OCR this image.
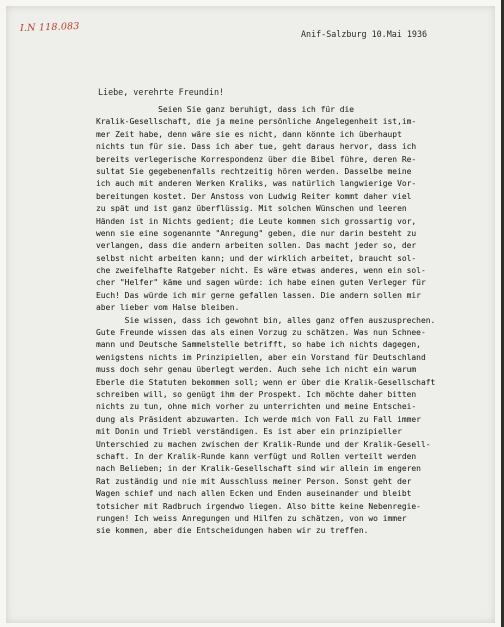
I.N 118.083	Anif-Salzburg 10.Mai 1936
Liebe, verehrte Freundin!
Seien Sie ganz beruhigt, dass ich für die
Kralik-Gesellschaft, die ja meine persönliche Angelegenheit ist,im-
mer Zeit habe, denn wäre sie es nicht, dann könnte ich überhaupt
nichts tun für sie. Dass ich aber tue, geht daraus hervor, dass ich
bereits verlegerische Korrespondenz über die Bibel führe, deren Re-
sultat Sie gegebenenfalls rechtzeitig hören werden. Dasselbe meine
ich auch mit anderen Werken Kraliks, was natürlich langwierige Vor-
bereitungen kostet. Der Anstoss von Ludwig Reiter kommt daher viel
zu spät und ist ganz überflüssig. Mit solchen Wünschen und leeren
Händen ist in Nichts gedient; die Leute kommen sich grossartig vor,
wenn sie eine sogenannte "Anregung" geben, die nur darin besteht zu
verlangen, dass die andern arbeiten sollen. Das macht jeder so, der
selbst nicht arbeiten kann; und der wirklich arbeitet, braucht sol-
che zweifelhafte Ratgeber nicht. Es wäre etwas anderes, wenn ein sol-
cher "Helfer" käme und sagen würde: ich habe einen guten Verleger für
Euch! Das würde ich mir gerne gefallen lassen. Die andern sollen mir
aber lieber vom Halse bleiben.
Sie wissen, dass ich gewohnt bin, alles ganz offen auszusprechen.
Gute Freunde wissen das als einen Vorzug zu schätzen. Was nun Schnee-
mann und Deutsche Sammelstelle betrifft, so habe ich nichts dagegen,
wenigstens nichts im Prinzipiellen, aber ein Vorstand für Deutschland
muss doch sehr genau überlegt werden. Auch sehe ich nicht ein warum
Eberle die Statuten bekommen soll; wenn er über die Kralik-Gesellschaft
schreiben will, so genügt ihm der Prospekt. Ich möchte daher bitten
nichts zu tun, ohne mich vorher zu unterrichten und meine Entschei-
dung als Präsident abzuwarten. Ich werde mich von Fall zu Fall immer
mit Donin und Triebl verständigen. Es ist aber ein prinzipieller
Unterschied zu machen zwischen der Kralik-Runde und der Kralik-Gesell-
schaft. In der Kralik-Runde kann verfügt und Rollen verteilt werden
nach Belieben; in der Kralik-Gesellschaft sind wir allein im engeren
Rat zuständig und nie mit Ausschluss meiner Person. Sonst geht der
Wagen schief und nach allen Ecken und Enden auseinander und bleibt
totsicher mit Radbruch irgendwo liegen. Also bitte keine Nebenregie-
rungen! Ich weiss Anregungen und Hilfen zu schätzen, von wo immer
sie kommen, aber die Entscheidungen haben wir zu treffen.
